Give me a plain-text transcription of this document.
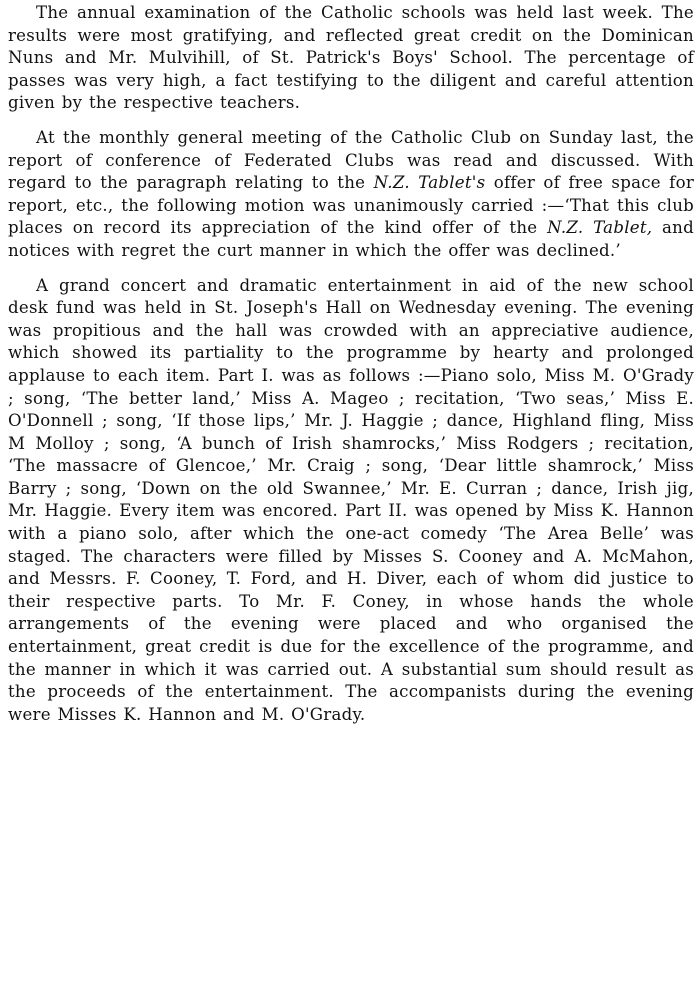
The annual examination of the Catholic schools was held last week. The results were most gratifying, and reflected great credit on the Dominican Nuns and Mr. Mulvihill, of St. Patrick's Boys' School. The percentage of passes was very high, a fact testifying to the diligent and careful attention given by the respective teachers.

At the monthly general meeting of the Catholic Club on Sunday last, the report of conference of Federated Clubs was read and discussed. With regard to the paragraph relating to the N.Z. Tablet's offer of free space for report, etc., the following motion was unanimously carried :—‘That this club places on record its appreciation of the kind offer of the N.Z. Tablet, and notices with regret the curt manner in which the offer was declined.’

A grand concert and dramatic entertainment in aid of the new school desk fund was held in St. Joseph's Hall on Wednesday evening. The evening was propitious and the hall was crowded with an appreciative audience, which showed its partiality to the programme by hearty and prolonged applause to each item. Part I. was as follows :—Piano solo, Miss M. O'Grady ; song, ‘The better land,’ Miss A. Mageo ; recitation, ‘Two seas,’ Miss E. O'Donnell ; song, ‘If those lips,’ Mr. J. Haggie ; dance, Highland fling, Miss M Molloy ; song, ‘A bunch of Irish shamrocks,’ Miss Rodgers ; recitation, ‘The massacre of Glencoe,’ Mr. Craig ; song, ‘Dear little shamrock,’ Miss Barry ; song, ‘Down on the old Swannee,’ Mr. E. Curran ; dance, Irish jig, Mr. Haggie. Every item was encored. Part II. was opened by Miss K. Hannon with a piano solo, after which the one-act comedy ‘The Area Belle’ was staged. The characters were filled by Misses S. Cooney and A. McMahon, and Messrs. F. Cooney, T. Ford, and H. Diver, each of whom did justice to their respective parts. To Mr. F. Coney, in whose hands the whole arrangements of the evening were placed and who organised the entertainment, great credit is due for the excellence of the programme, and the manner in which it was carried out. A substantial sum should result as the proceeds of the entertainment. The accompanists during the evening were Misses K. Hannon and M. O'Grady.
